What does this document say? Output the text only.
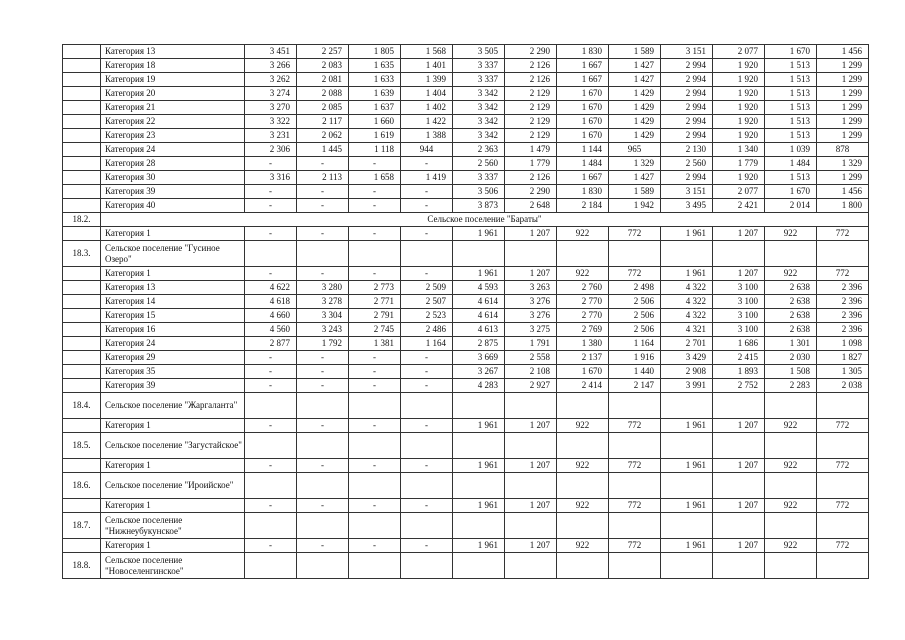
	Категория 13	3 451	2 257	1 805	1 568	3 505	2 290	1 830	1 589	3 151	2 077	1 670	1 456
	Категория 18	3 266	2 083	1 635	1 401	3 337	2 126	1 667	1 427	2 994	1 920	1 513	1 299
	Категория 19	3 262	2 081	1 633	1 399	3 337	2 126	1 667	1 427	2 994	1 920	1 513	1 299
	Категория 20	3 274	2 088	1 639	1 404	3 342	2 129	1 670	1 429	2 994	1 920	1 513	1 299
	Категория 21	3 270	2 085	1 637	1 402	3 342	2 129	1 670	1 429	2 994	1 920	1 513	1 299
	Категория 22	3 322	2 117	1 660	1 422	3 342	2 129	1 670	1 429	2 994	1 920	1 513	1 299
	Категория 23	3 231	2 062	1 619	1 388	3 342	2 129	1 670	1 429	2 994	1 920	1 513	1 299
	Категория 24	2 306	1 445	1 118	944	2 363	1 479	1 144	965	2 130	1 340	1 039	878
	Категория 28	-	-	-	-	2 560	1 779	1 484	1 329	2 560	1 779	1 484	1 329
	Категория 30	3 316	2 113	1 658	1 419	3 337	2 126	1 667	1 427	2 994	1 920	1 513	1 299
	Категория 39	-	-	-	-	3 506	2 290	1 830	1 589	3 151	2 077	1 670	1 456
	Категория 40	-	-	-	-	3 873	2 648	2 184	1 942	3 495	2 421	2 014	1 800
18.2.	Сельское поселение "Бараты"												
	Категория 1	-	-	-	-	1 961	1 207	922	772	1 961	1 207	922	772
18.3.	Сельское поселение "Гусиное Озеро"												
	Категория 1	-	-	-	-	1 961	1 207	922	772	1 961	1 207	922	772
	Категория 13	4 622	3 280	2 773	2 509	4 593	3 263	2 760	2 498	4 322	3 100	2 638	2 396
	Категория 14	4 618	3 278	2 771	2 507	4 614	3 276	2 770	2 506	4 322	3 100	2 638	2 396
	Категория 15	4 660	3 304	2 791	2 523	4 614	3 276	2 770	2 506	4 322	3 100	2 638	2 396
	Категория 16	4 560	3 243	2 745	2 486	4 613	3 275	2 769	2 506	4 321	3 100	2 638	2 396
	Категория 24	2 877	1 792	1 381	1 164	2 875	1 791	1 380	1 164	2 701	1 686	1 301	1 098
	Категория 29	-	-	-	-	3 669	2 558	2 137	1 916	3 429	2 415	2 030	1 827
	Категория 35	-	-	-	-	3 267	2 108	1 670	1 440	2 908	1 893	1 508	1 305
	Категория 39	-	-	-	-	4 283	2 927	2 414	2 147	3 991	2 752	2 283	2 038
18.4.	Сельское поселение "Жаргаланта"												
	Категория 1	-	-	-	-	1 961	1 207	922	772	1 961	1 207	922	772
18.5.	Сельское поселение "Загустайское"												
	Категория 1	-	-	-	-	1 961	1 207	922	772	1 961	1 207	922	772
18.6.	Сельское поселение "Ироийское"												
	Категория 1	-	-	-	-	1 961	1 207	922	772	1 961	1 207	922	772
18.7.	Сельское поселение "Нижнеубукунское"												
	Категория 1	-	-	-	-	1 961	1 207	922	772	1 961	1 207	922	772
18.8.	Сельское поселение "Новоселенгинское"												
